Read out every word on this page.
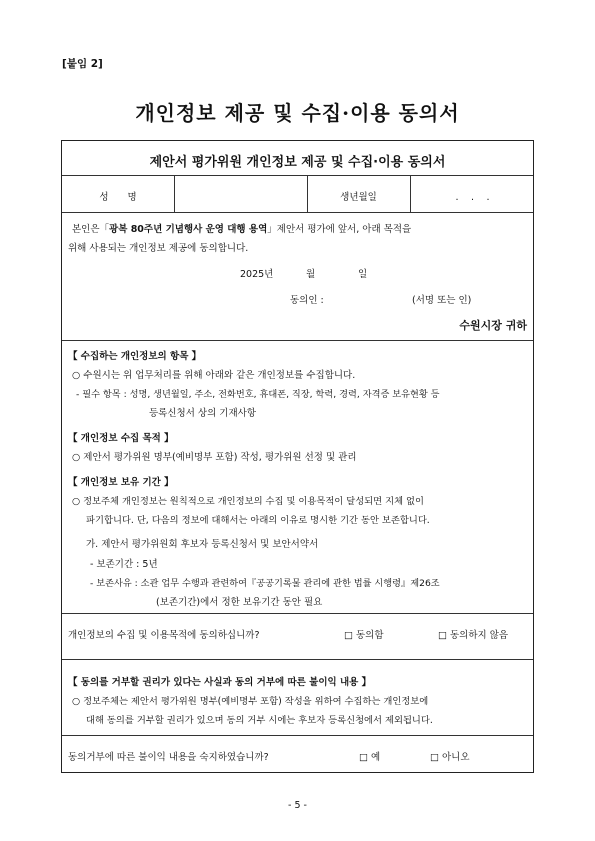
[붙임 2]
개인정보 제공 및 수집·이용 동의서
제안서 평가위원 개인정보 제공 및 수집·이용 동의서
성　　명	생년월일	.　 .　 .
본인은「광복 80주년 기념행사 운영 대행 용역」제안서 평가에 앞서, 아래 목적을
위해 사용되는 개인정보 제공에 동의합니다.
2025년	월	일
동의인 :	(서명 또는 인)
수원시장 귀하
【 수집하는 개인정보의 항목 】
○ 수원시는 위 업무처리를 위해 아래와 같은 개인정보를 수집합니다.
- 필수 항목 : 성명, 생년월일, 주소, 전화번호, 휴대폰, 직장, 학력, 경력, 자격증 보유현황 등
등록신청서 상의 기재사항
【 개인정보 수집 목적 】
○ 제안서 평가위원 명부(예비명부 포함) 작성, 평가위원 선정 및 관리
【 개인정보 보유 기간 】
○ 정보주체 개인정보는 원칙적으로 개인정보의 수집 및 이용목적이 달성되면 지체 없이
파기합니다. 단, 다음의 정보에 대해서는 아래의 이유로 명시한 기간 동안 보존합니다.
가. 제안서 평가위원회 후보자 등록신청서 및 보안서약서
- 보존기간 : 5년
- 보존사유 : 소관 업무 수행과 관련하여『공공기록물 관리에 관한 법률 시행령』제26조
(보존기간)에서 정한 보유기간 동안 필요
개인정보의 수집 및 이용목적에 동의하십니까?	□ 동의함	□ 동의하지 않음
【 동의를 거부할 권리가 있다는 사실과 동의 거부에 따른 불이익 내용 】
○ 정보주체는 제안서 평가위원 명부(예비명부 포함) 작성을 위하여 수집하는 개인정보에
대해 동의를 거부할 권리가 있으며 동의 거부 시에는 후보자 등록신청에서 제외됩니다.
동의거부에 따른 불이익 내용을 숙지하였습니까?	□ 예	□ 아니오
- 5 -
